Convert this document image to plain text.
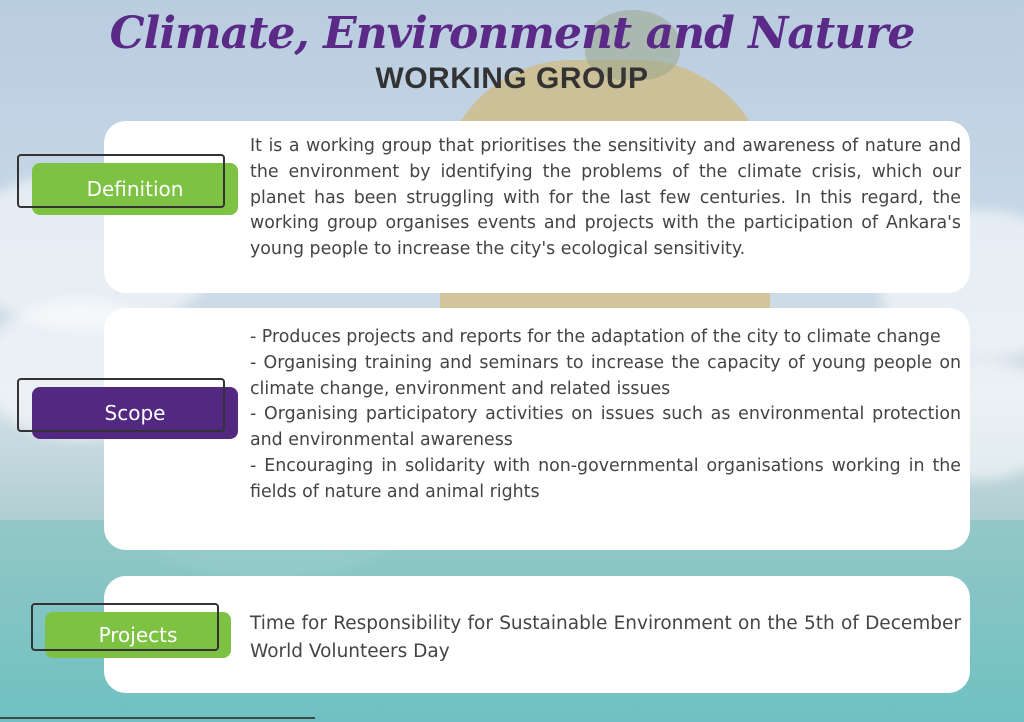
Climate, Environment and Nature
WORKING GROUP
Definition
It is a working group that prioritises the sensitivity and awareness of nature and the environment by identifying the problems of the climate crisis, which our planet has been struggling with for the last few centuries. In this regard, the working group organises events and projects with the participation of Ankara's young people to increase the city's ecological sensitivity.
Scope
- Produces projects and reports for the adaptation of the city to climate change
- Organising training and seminars to increase the capacity of young people on climate change, environment and related issues
- Organising participatory activities on issues such as environmental protection and environmental awareness
- Encouraging in solidarity with non-governmental organisations working in the fields of nature and animal rights
Projects	Time for Responsibility for Sustainable Environment on the 5th of December World Volunteers Day
